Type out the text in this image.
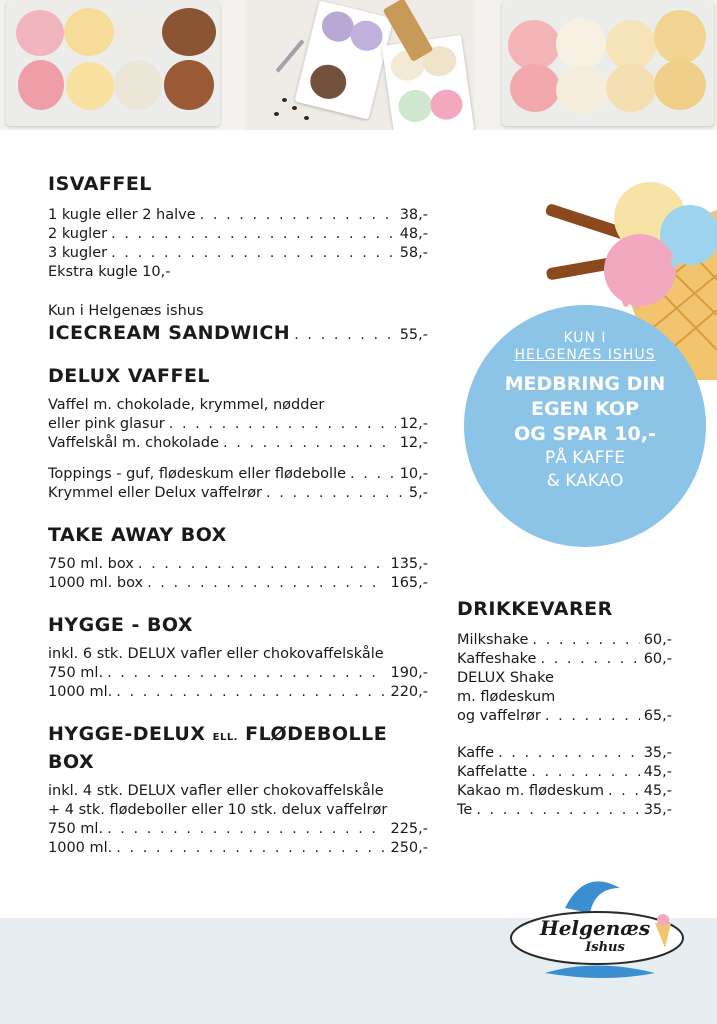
ISVAFFEL
1 kugle eller 2 halve . . .	38,-
2 kugler . . .	48,-
3 kugler . . .	58,-
Ekstra kugle 10,-
Kun i Helgenæs ishus
ICECREAM SANDWICH . . .	55,-
DELUX VAFFEL
Vaffel m. chokolade, krymmel, nødder
eller pink glasur . . .	12,-
Vaffelskål m. chokolade . . .	12,-
Toppings - guf, flødeskum eller flødebolle . . .	10,-
Krymmel eller Delux vaffelrør . . .	5,-
TAKE AWAY BOX
750 ml. box . . .	135,-
1000 ml. box . . .	165,-
HYGGE - BOX
inkl. 6 stk. DELUX vafler eller chokovaffelskåle
750 ml. . . .	190,-
1000 ml. . . .	220,-
HYGGE-DELUX ELL. FLØDEBOLLE BOX
inkl. 4 stk. DELUX vafler eller chokovaffelskåle
+ 4 stk. flødeboller eller 10 stk. delux vaffelrør
750 ml. . . .	225,-
1000 ml. . . .	250,-
KUN I
HELGENÆS ISHUS
MEDBRING DIN
EGEN KOP
OG SPAR 10,-
PÅ KAFFE
& KAKAO
DRIKKEVARER
Milkshake . . .	60,-
Kaffeshake . . .	60,-
DELUX Shake
m. flødeskum
og vaffelrør . . .	65,-
Kaffe . . .	35,-
Kaffelatte . . .	45,-
Kakao m. flødeskum . . .	45,-
Te . . .	35,-
Helgenæs
Ishus
